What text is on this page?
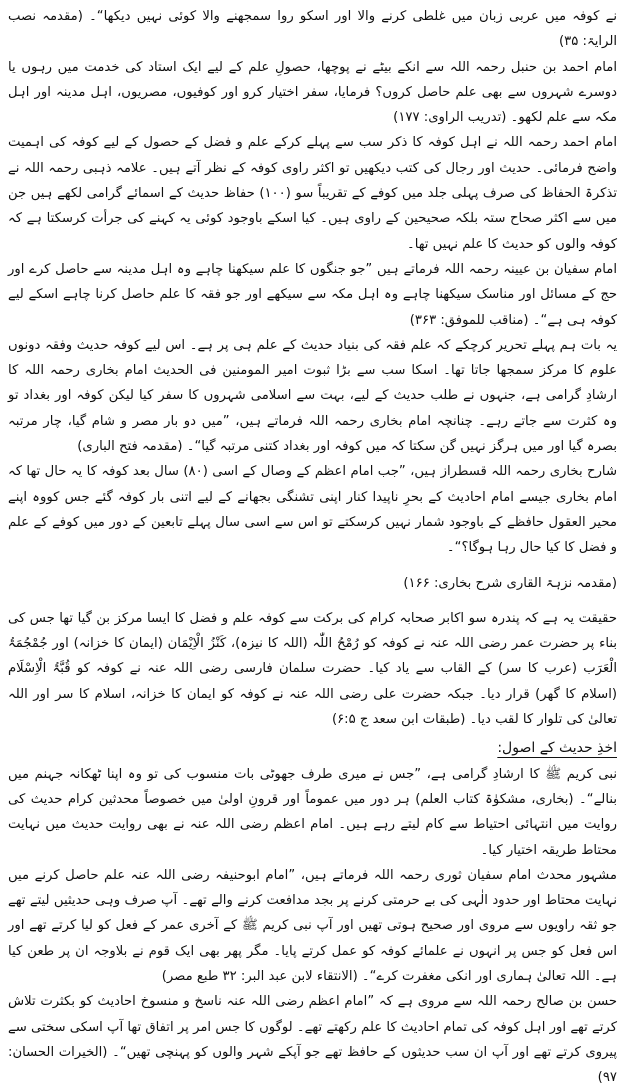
نے کوفہ میں عربی زبان میں غلطی کرنے والا اور اسکو روا سمجھنے والا کوئی نہیں دیکھا“۔ (مقدمہ نصب الرایۃ: ۳۵)

امام احمد بن حنبل رحمہ اللہ سے انکے بیٹے نے پوچھا، حصولِ علم کے لیے ایک استاد کی خدمت میں رہوں یا دوسرے شہروں سے بھی علم حاصل کروں؟ فرمایا، سفر اختیار کرو اور کوفیوں، مصریوں، اہل مدینہ اور اہل مکہ سے علم لکھو۔ (تدریب الراوی: ۱۷۷)

امام احمد رحمہ اللہ نے اہل کوفہ کا ذکر سب سے پہلے کرکے علم و فضل کے حصول کے لیے کوفہ کی اہمیت واضح فرمائی۔ حدیث اور رجال کی کتب دیکھیں تو اکثر راوی کوفہ کے نظر آتے ہیں۔ علامہ ذہبی رحمہ اللہ نے تذکرۃ الحفاظ کی صرف پہلی جلد میں کوفے کے تقریباً سو (۱۰۰) حفاظ حدیث کے اسمائے گرامی لکھے ہیں جن میں سے اکثر صحاح ستہ بلکہ صحیحین کے راوی ہیں۔ کیا اسکے باوجود کوئی یہ کہنے کی جرأت کرسکتا ہے کہ کوفہ والوں کو حدیث کا علم نہیں تھا۔

امام سفیان بن عیینہ رحمہ اللہ فرماتے ہیں ”جو جنگوں کا علم سیکھنا چاہے وہ اہل مدینہ سے حاصل کرے اور حج کے مسائل اور مناسک سیکھنا چاہے وہ اہل مکہ سے سیکھے اور جو فقہ کا علم حاصل کرنا چاہے اسکے لیے کوفہ ہی ہے“۔ (مناقب للموفق: ۳۶۳)

یہ بات ہم پہلے تحریر کرچکے کہ علم فقہ کی بنیاد حدیث کے علم ہی پر ہے۔ اس لیے کوفہ حدیث وفقہ دونوں علوم کا مرکز سمجھا جاتا تھا۔ اسکا سب سے بڑا ثبوت امیر المومنین فی الحدیث امام بخاری رحمہ اللہ کا ارشادِ گرامی ہے، جنہوں نے طلب حدیث کے لیے، بہت سے اسلامی شہروں کا سفر کیا لیکن کوفہ اور بغداد تو وہ کثرت سے جاتے رہے۔ چنانچہ امام بخاری رحمہ اللہ فرماتے ہیں، ”میں دو بار مصر و شام گیا، چار مرتبہ بصرہ گیا اور میں ہرگز نہیں گن سکتا کہ میں کوفہ اور بغداد کتنی مرتبہ گیا“۔ (مقدمہ فتح الباری)

شارح بخاری رحمہ اللہ قسطراز ہیں، ”جب امام اعظم کے وصال کے اسی (۸۰) سال بعد کوفہ کا یہ حال تھا کہ امام بخاری جیسے امام احادیث کے بحرِ ناپیدا کنار اپنی تشنگی بجھانے کے لیے اتنی بار کوفہ گئے جس کووہ اپنے محیر العقول حافظے کے باوجود شمار نہیں کرسکتے تو اس سے اسی سال پہلے تابعین کے دور میں کوفے کے علم و فضل کا کیا حال رہا ہوگا؟“۔

(مقدمہ نزہۃ القاری شرح بخاری: ۱۶۶)

حقیقت یہ ہے کہ پندرہ سو اکابر صحابہ کرام کی برکت سے کوفہ علم و فضل کا ایسا مرکز بن گیا تھا جس کی بناء پر حضرت عمر رضی اللہ عنہ نے کوفہ کو رُمْحُ اللّٰہ (اللہ کا نیزہ)، کَنْزُ الْاِیْمَان (ایمان کا خزانہ) اور جُمْجُمَۃُ الْعَرَب (عرب کا سر) کے القاب سے یاد کیا۔ حضرت سلمان فارسی رضی اللہ عنہ نے کوفہ کو قُبَّۃُ الْاِسْلَام (اسلام کا گھر) قرار دیا۔ جبکہ حضرت علی رضی اللہ عنہ نے کوفہ کو ایمان کا خزانہ، اسلام کا سر اور اللہ تعالیٰ کی تلوار کا لقب دیا۔ (طبقات ابن سعد ج ۶:۵)

اخذِ حدیث کے اصول:

نبی کریم ﷺ کا ارشادِ گرامی ہے، ”جس نے میری طرف جھوٹی بات منسوب کی تو وہ اپنا ٹھکانہ جہنم میں بنالے“۔ (بخاری، مشکوٰۃ کتاب العلم) ہر دور میں عموماً اور قرونِ اولیٰ میں خصوصاً محدثین کرام حدیث کی روایت میں انتہائی احتیاط سے کام لیتے رہے ہیں۔ امام اعظم رضی اللہ عنہ نے بھی روایت حدیث میں نہایت محتاط طریقہ اختیار کیا۔

مشہور محدث امام سفیان ثوری رحمہ اللہ فرماتے ہیں، ”امام ابوحنیفہ رضی اللہ عنہ علم حاصل کرنے میں نہایت محتاط اور حدود الٰہی کی بے حرمتی کرنے پر بجد مدافعت کرنے والے تھے۔ آپ صرف وہی حدیثیں لیتے تھے جو ثقہ راویوں سے مروی اور صحیح ہوتی تھیں اور آپ نبی کریم ﷺ کے آخری عمر کے فعل کو لیا کرتے تھے اور اس فعل کو جس پر انہوں نے علمائے کوفہ کو عمل کرتے پایا۔ مگر پھر بھی ایک قوم نے بلاوجہ ان پر طعن کیا ہے۔ اللہ تعالیٰ ہماری اور انکی مغفرت کرے“۔ (الانتقاء لابن عبد البر: ۳۲ طبع مصر)

حسن بن صالح رحمہ اللہ سے مروی ہے کہ ”امام اعظم رضی اللہ عنہ ناسخ و منسوخ احادیث کو بکثرت تلاش کرتے تھے اور اہل کوفہ کی تمام احادیث کا علم رکھتے تھے۔ لوگوں کا جس امر پر اتفاق تھا آپ اسکی سختی سے پیروی کرتے تھے اور آپ ان سب حدیثوں کے حافظ تھے جو آپکے شہر والوں کو پہنچی تھیں“۔ (الخیرات الحسان: ۹۷)
